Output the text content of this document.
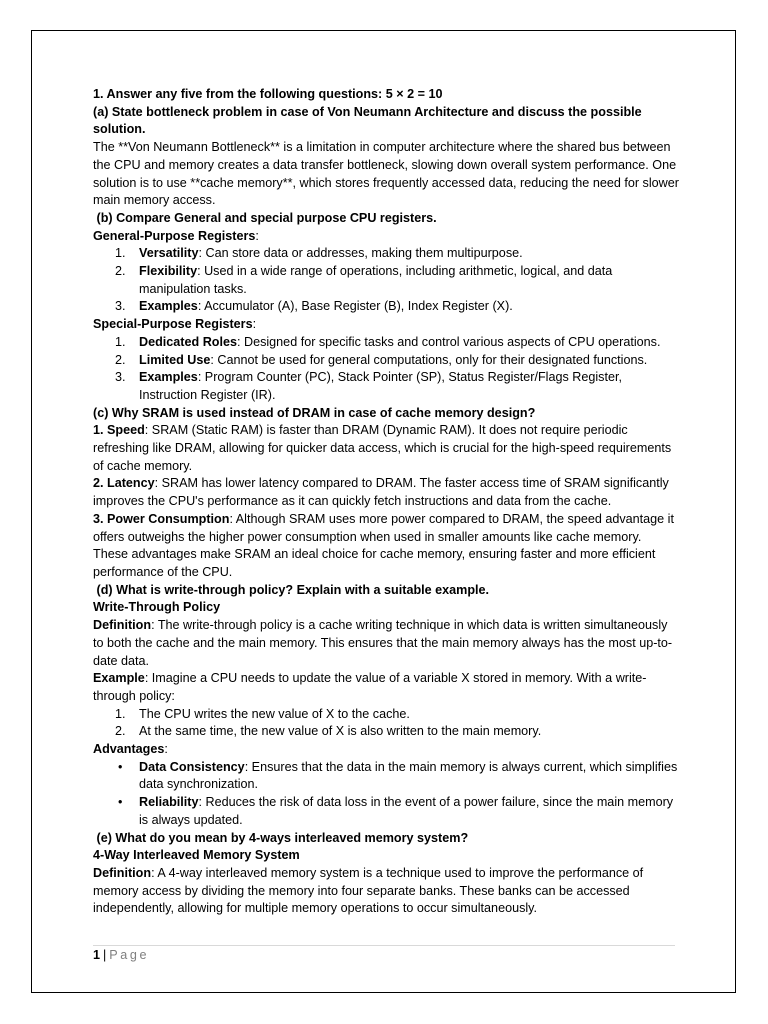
1. Answer any five from the following questions: 5 × 2 = 10

(a) State bottleneck problem in case of Von Neumann Architecture and discuss the possible solution.

The **Von Neumann Bottleneck** is a limitation in computer architecture where the shared bus between the CPU and memory creates a data transfer bottleneck, slowing down overall system performance. One solution is to use **cache memory**, which stores frequently accessed data, reducing the need for slower main memory access.

(b) Compare General and special purpose CPU registers.

General-Purpose Registers:

1. Versatility: Can store data or addresses, making them multipurpose.
2. Flexibility: Used in a wide range of operations, including arithmetic, logical, and data manipulation tasks.
3. Examples: Accumulator (A), Base Register (B), Index Register (X).

Special-Purpose Registers:

1. Dedicated Roles: Designed for specific tasks and control various aspects of CPU operations.
2. Limited Use: Cannot be used for general computations, only for their designated functions.
3. Examples: Program Counter (PC), Stack Pointer (SP), Status Register/Flags Register, Instruction Register (IR).

(c) Why SRAM is used instead of DRAM in case of cache memory design?

1. Speed: SRAM (Static RAM) is faster than DRAM (Dynamic RAM). It does not require periodic refreshing like DRAM, allowing for quicker data access, which is crucial for the high-speed requirements of cache memory.

2. Latency: SRAM has lower latency compared to DRAM. The faster access time of SRAM significantly improves the CPU's performance as it can quickly fetch instructions and data from the cache.

3. Power Consumption: Although SRAM uses more power compared to DRAM, the speed advantage it offers outweighs the higher power consumption when used in smaller amounts like cache memory. These advantages make SRAM an ideal choice for cache memory, ensuring faster and more efficient performance of the CPU.

(d) What is write-through policy? Explain with a suitable example.

Write-Through Policy

Definition: The write-through policy is a cache writing technique in which data is written simultaneously to both the cache and the main memory. This ensures that the main memory always has the most up-to-date data.

Example: Imagine a CPU needs to update the value of a variable X stored in memory. With a write-through policy:

1. The CPU writes the new value of X to the cache.
2. At the same time, the new value of X is also written to the main memory.

Advantages:

• Data Consistency: Ensures that the data in the main memory is always current, which simplifies data synchronization.
• Reliability: Reduces the risk of data loss in the event of a power failure, since the main memory is always updated.

(e) What do you mean by 4-ways interleaved memory system?

4-Way Interleaved Memory System

Definition: A 4-way interleaved memory system is a technique used to improve the performance of memory access by dividing the memory into four separate banks. These banks can be accessed independently, allowing for multiple memory operations to occur simultaneously.

1 | Page
